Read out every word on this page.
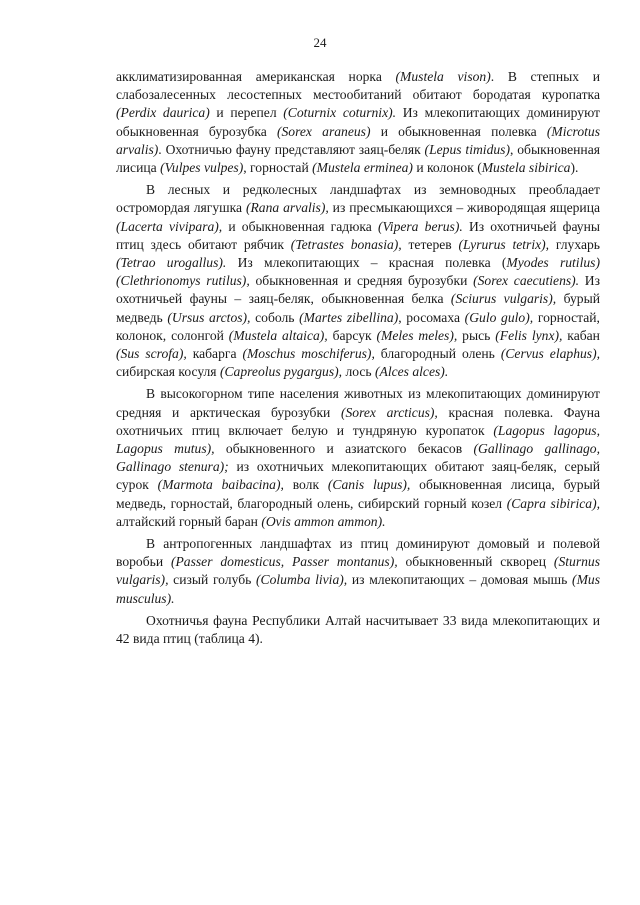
24

акклиматизированная американская норка (Mustela vison). В степных и слабозалесенных лесостепных местообитаний обитают бородатая куропатка (Perdix daurica) и перепел (Coturnix coturnix). Из млекопитающих доминируют обыкновенная бурозубка (Sorex araneus) и обыкновенная полевка (Microtus arvalis). Охотничью фауну представляют заяц-беляк (Lepus timidus), обыкновенная лисица (Vulpes vulpes), горностай (Mustela erminea) и колонок (Mustela sibirica).

В лесных и редколесных ландшафтах из земноводных преобладает остромордая лягушка (Rana arvalis), из пресмыкающихся – живородящая ящерица (Lacerta vivipara), и обыкновенная гадюка (Vipera berus). Из охотничьей фауны птиц здесь обитают рябчик (Tetrastes bonasia), тетерев (Lyrurus tetrix), глухарь (Tetrao urogallus). Из млекопитающих – красная полевка (Myodes rutilus) (Clethrionomys rutilus), обыкновенная и средняя бурозубки (Sorex caecutiens). Из охотничьей фауны – заяц-беляк, обыкновенная белка (Sciurus vulgaris), бурый медведь (Ursus arctos), соболь (Martes zibellina), росомаха (Gulo gulo), горностай, колонок, солонгой (Mustela altaica), барсук (Meles meles), рысь (Felis lynx), кабан (Sus scrofa), кабарга (Moschus moschiferus), благородный олень (Cervus elaphus), сибирская косуля (Capreolus pygargus), лось (Alces alces).

В высокогорном типе населения животных из млекопитающих доминируют средняя и арктическая бурозубки (Sorex arcticus), красная полевка. Фауна охотничьих птиц включает белую и тундряную куропаток (Lagopus lagopus, Lagopus mutus), обыкновенного и азиатского бекасов (Gallinago gallinago, Gallinago stenura); из охотничьих млекопитающих обитают заяц-беляк, серый сурок (Marmota baibacina), волк (Canis lupus), обыкновенная лисица, бурый медведь, горностай, благородный олень, сибирский горный козел (Capra sibirica), алтайский горный баран (Ovis ammon ammon).

В антропогенных ландшафтах из птиц доминируют домовый и полевой воробьи (Passer domesticus, Passer montanus), обыкновенный скворец (Sturnus vulgaris), сизый голубь (Columba livia), из млекопитающих – домовая мышь (Mus musculus).

Охотничья фауна Республики Алтай насчитывает 33 вида млекопитающих и 42 вида птиц (таблица 4).
